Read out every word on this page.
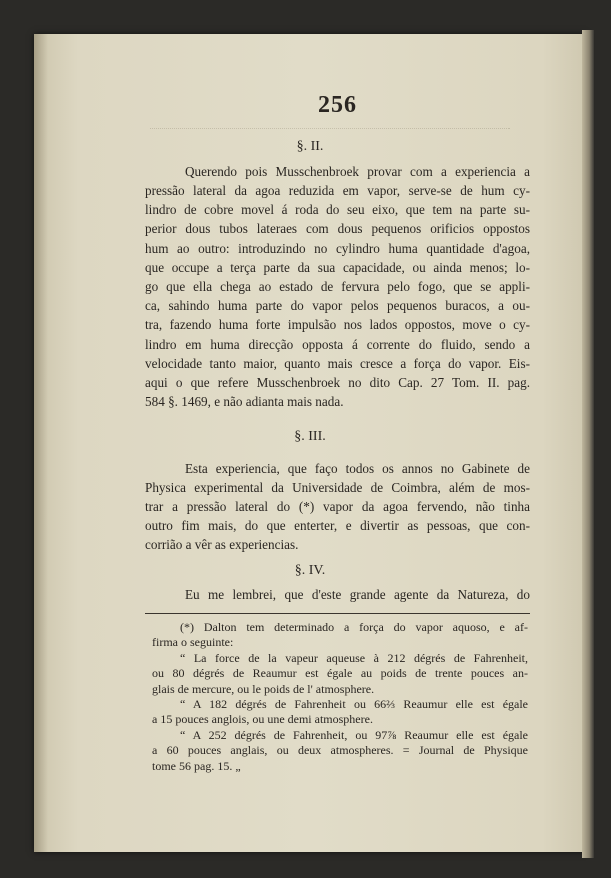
256
§. II.
Querendo pois Musschenbroek provar com a experiencia a
pressão lateral da agoa reduzida em vapor, serve-se de hum cy-
lindro de cobre movel á roda do seu eixo, que tem na parte su-
perior dous tubos lateraes com dous pequenos orificios oppostos
hum ao outro: introduzindo no cylindro huma quantidade d'agoa,
que occupe a terça parte da sua capacidade, ou ainda menos; lo-
go que ella chega ao estado de fervura pelo fogo, que se appli-
ca, sahindo huma parte do vapor pelos pequenos buracos, a ou-
tra, fazendo huma forte impulsão nos lados oppostos, move o cy-
lindro em huma direcção opposta á corrente do fluido, sendo a
velocidade tanto maior, quanto mais cresce a força do vapor. Eis-
aqui o que refere Musschenbroek no dito Cap. 27 Tom. II. pag.
584 §. 1469, e não adianta mais nada.
§. III.
Esta experiencia, que faço todos os annos no Gabinete de
Physica experimental da Universidade de Coimbra, além de mos-
trar a pressão lateral do (*) vapor da agoa fervendo, não tinha
outro fim mais, do que enterter, e divertir as pessoas, que con-
corrião a vêr as experiencias.
§. IV.
Eu me lembrei, que d'este grande agente da Natureza, do
(*) Dalton tem determinado a força do vapor aquoso, e af-
firma o seguinte:
“ La force de la vapeur aqueuse à 212 dégrés de Fahrenheit,
ou 80 dégrés de Reaumur est égale au poids de trente pouces an-
glais de mercure, ou le poids de l' atmosphere.
“ A 182 dégrés de Fahrenheit ou 66⅔ Reaumur elle est égale
a 15 pouces anglois, ou une demi atmosphere.
“ A 252 dégrés de Fahrenheit, ou 97⅞ Reaumur elle est égale
a 60 pouces anglais, ou deux atmospheres. = Journal de Physique
tome 56 pag. 15. „
